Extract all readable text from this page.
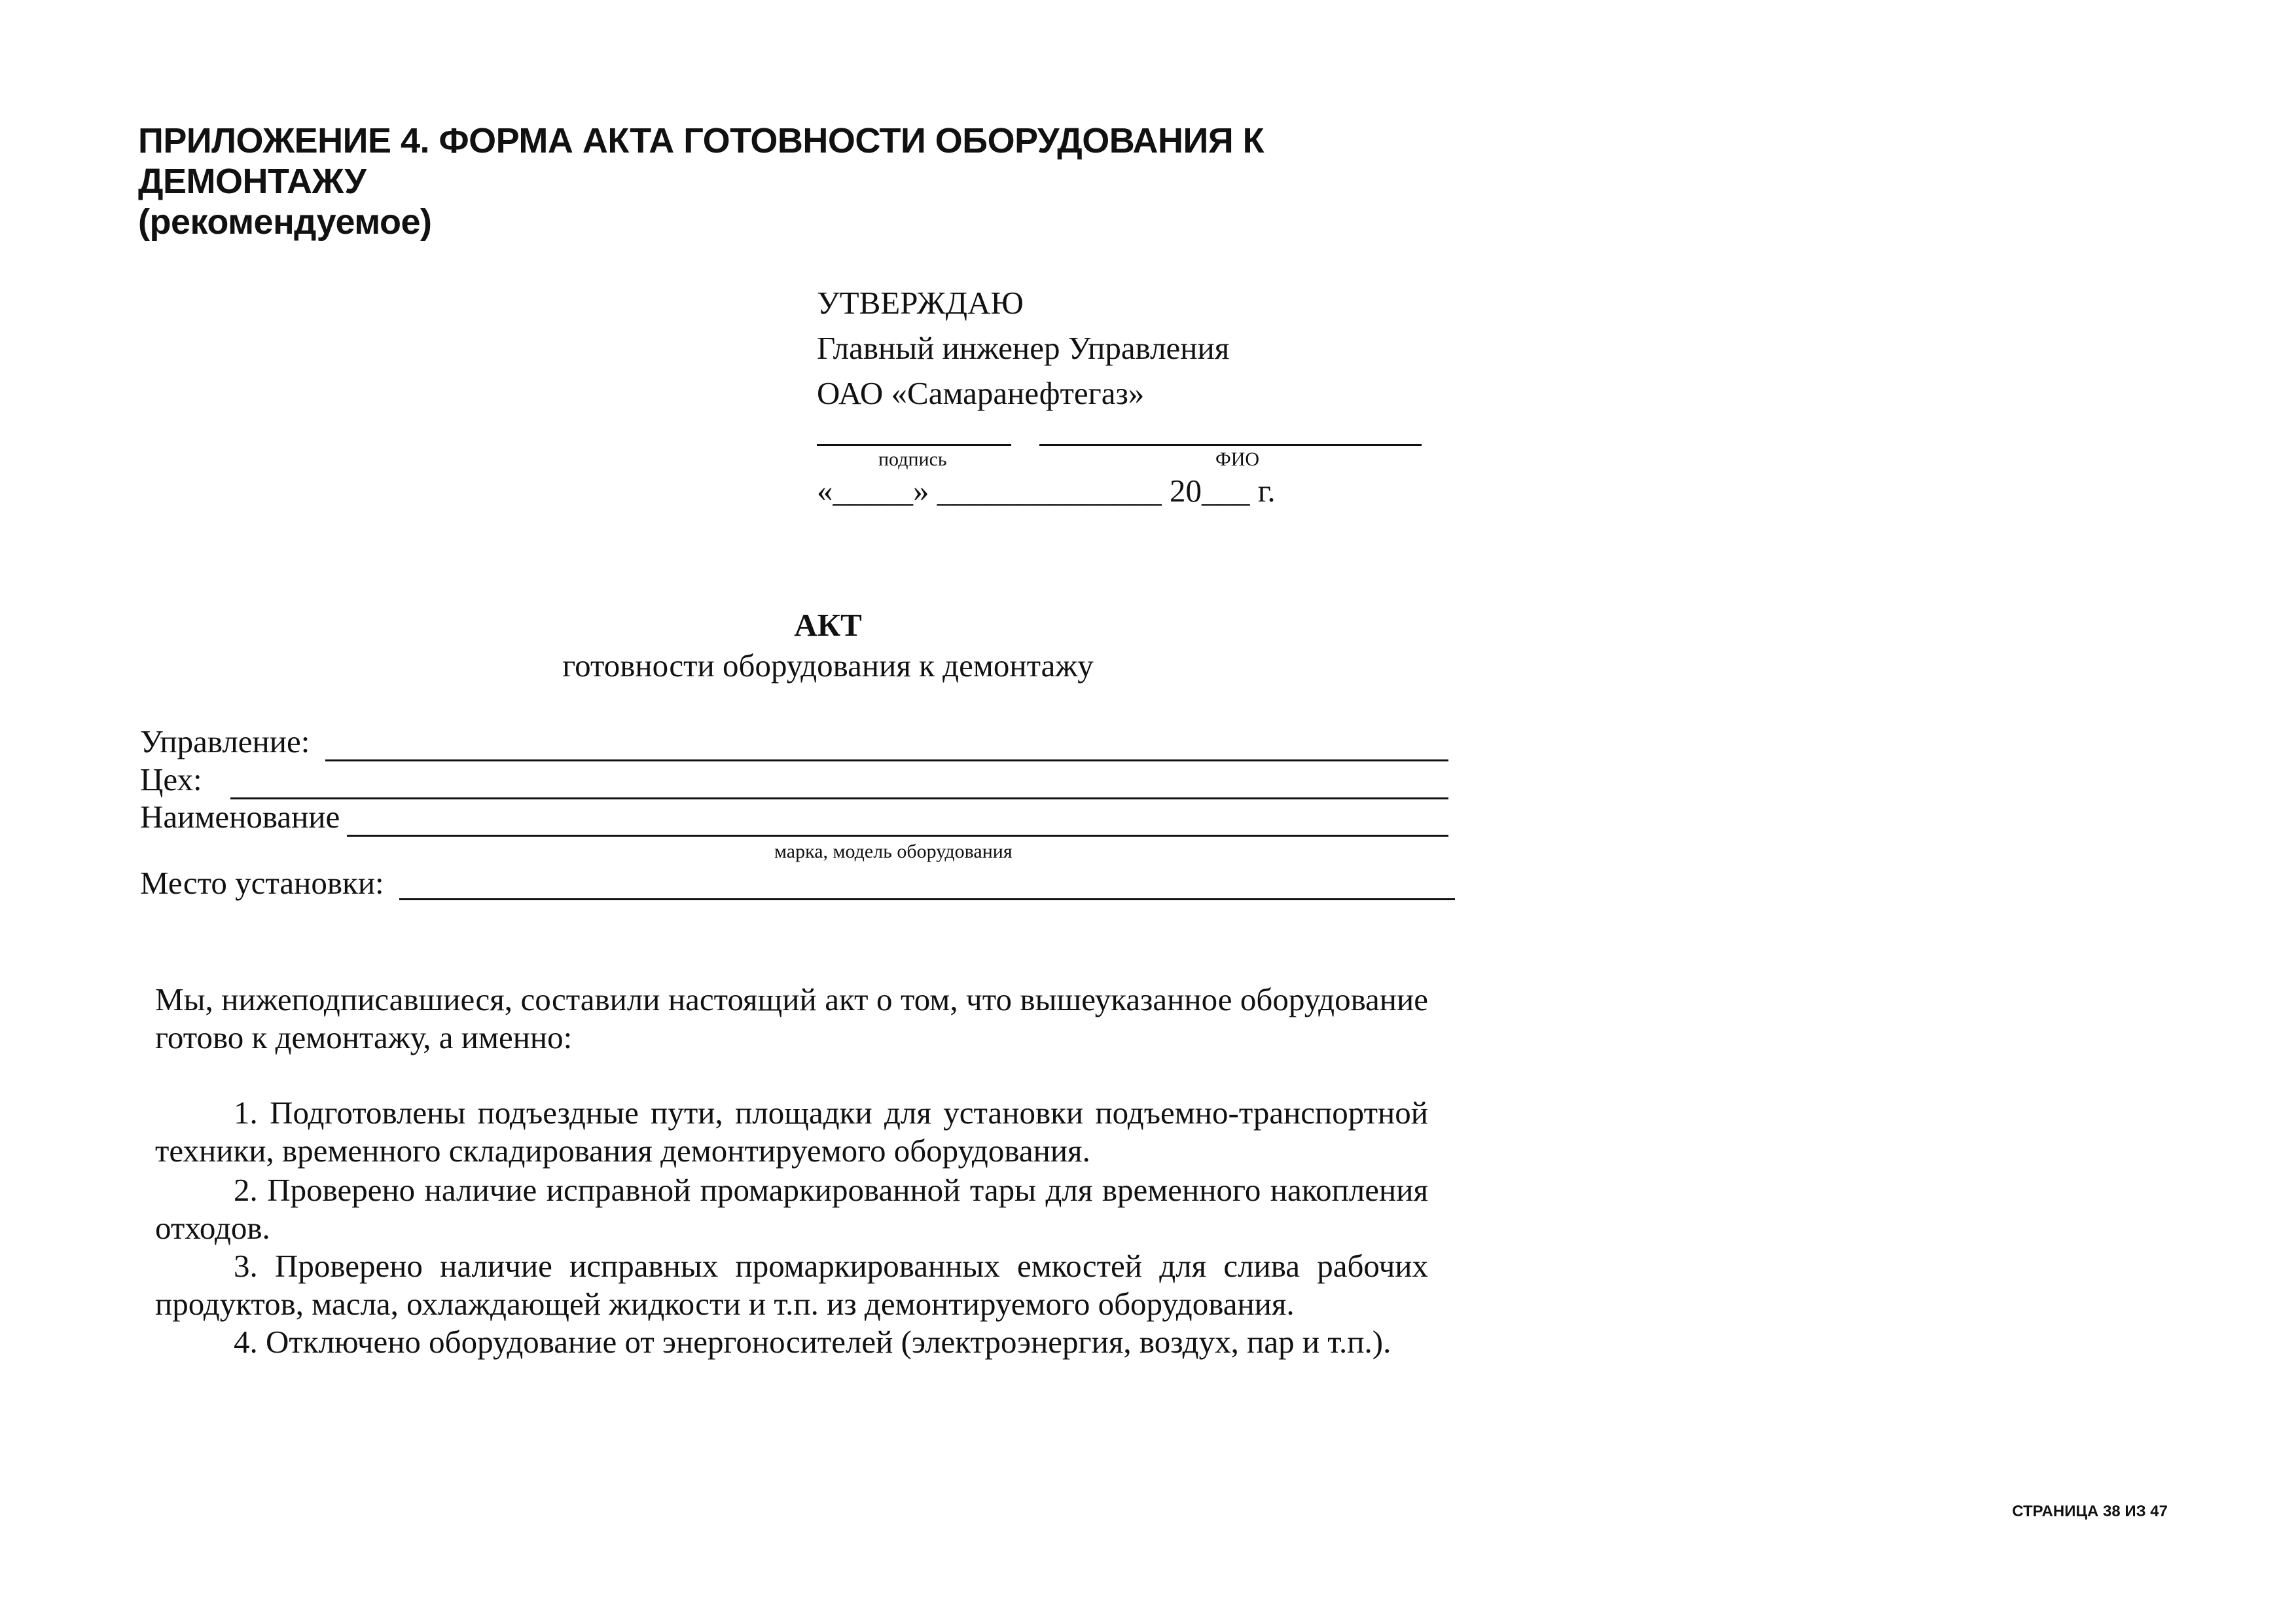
ПРИЛОЖЕНИЕ 4. ФОРМА АКТА ГОТОВНОСТИ ОБОРУДОВАНИЯ К
ДЕМОНТАЖУ
(рекомендуемое)
УТВЕРЖДАЮ
Главный инженер Управления
ОАО «Самаранефтегаз»
подпись	ФИО
«_____» ______________ 20___ г.
АКТ
готовности оборудования к демонтажу
Управление:
Цех:
Наименование
марка, модель оборудования
Место установки:
Мы, нижеподписавшиеся, составили настоящий акт о том, что вышеуказанное оборудование готово к демонтажу, а именно:
1. Подготовлены подъездные пути, площадки для установки подъемно-транспортной техники, временного складирования демонтируемого оборудования.
2. Проверено наличие исправной промаркированной тары для временного накопления отходов.
3. Проверено наличие исправных промаркированных емкостей для слива рабочих продуктов, масла, охлаждающей жидкости и т.п. из демонтируемого оборудования.
4. Отключено оборудование от энергоносителей (электроэнергия, воздух, пар и т.п.).
СТРАНИЦА 38 ИЗ 47
